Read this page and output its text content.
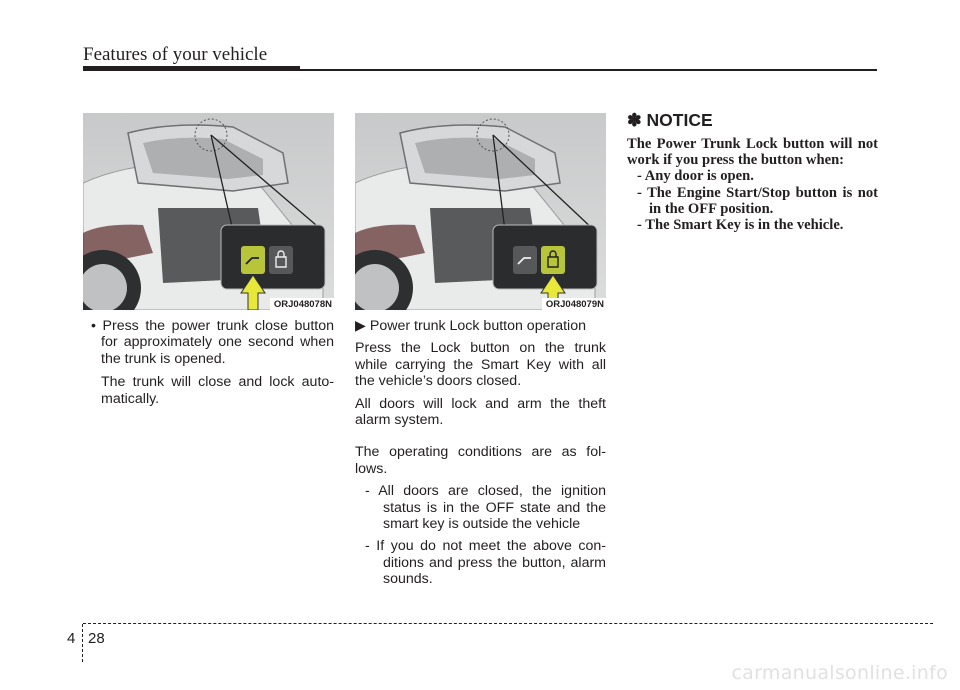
Features of your vehicle
ORJ048078N	ORJ048079N

• Press the power trunk close button for approximately one second when the trunk is opened.

The trunk will close and lock auto- matically.

▶ Power trunk Lock button operation

Press the Lock button on the trunk while carrying the Smart Key with all the vehicle’s doors closed.

All doors will lock and arm the theft alarm system.

The operating conditions are as fol- lows.

- All doors are closed, the ignition status is in the OFF state and the smart key is outside the vehicle

- If you do not meet the above con- ditions and press the button, alarm sounds.

✽ NOTICE

The Power Trunk Lock button will not work if you press the button when:

- Any door is open.

- The Engine Start/Stop button is not in the OFF position.

- The Smart Key is in the vehicle.

4 28
carmanualsonline.info
